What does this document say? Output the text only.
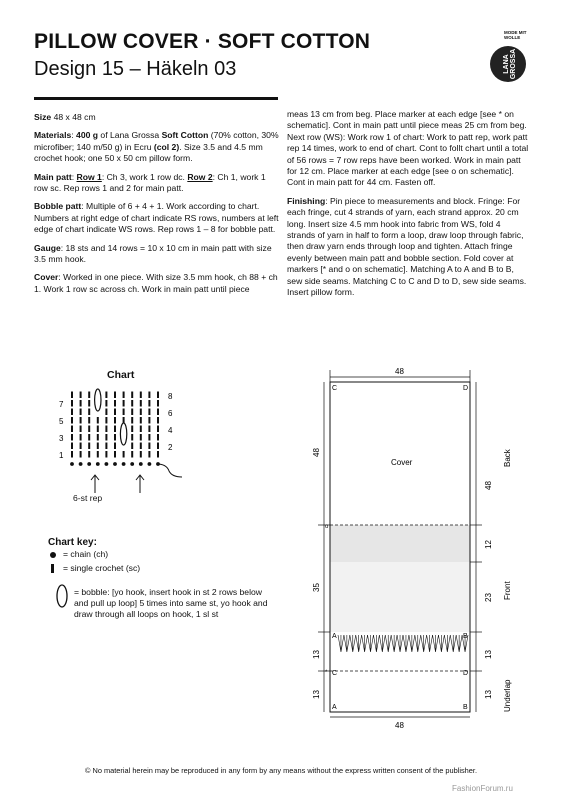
PILLOW COVER · SOFT COTTON
Design 15 – Häkeln 03
MODE MIT WOLLE
LANA GROSSA

Size 48 x 48 cm

Materials: 400 g of Lana Grossa Soft Cotton (70% cotton, 30% microfiber; 140 m/50 g) in Ecru (col 2). Size 3.5 and 4.5 mm crochet hook; one 50 x 50 cm pillow form.

Main patt: Row 1: Ch 3, work 1 row dc. Row 2: Ch 1, work 1 row sc. Rep rows 1 and 2 for main patt.

Bobble patt: Multiple of 6 + 4 + 1. Work according to chart. Numbers at right edge of chart indicate RS rows, numbers at left edge of chart indicate WS rows. Rep rows 1 – 8 for bobble patt.

Gauge: 18 sts and 14 rows = 10 x 10 cm in main patt with size 3.5 mm hook.

Cover: Worked in one piece. With size 3.5 mm hook, ch 88 + ch 1. Work 1 row sc across ch. Work in main patt until piece

meas 13 cm from beg. Place marker at each edge [see * on schematic]. Cont in main patt until piece meas 25 cm from beg. Next row (WS): Work row 1 of chart: Work to patt rep, work patt rep 14 times, work to end of chart. Cont to follt chart until a total of 56 rows = 7 row reps have been worked. Work in main patt for 12 cm. Place marker at each edge [see o on schematic]. Cont in main patt for 44 cm. Fasten off.

Finishing: Pin piece to measurements and block. Fringe: For each fringe, cut 4 strands of yarn, each strand approx. 20 cm long. Insert size 4.5 mm hook into fabric from WS, fold 4 strands of yarn in half to form a loop, draw loop through fabric, then draw yarn ends through loop and tighten. Attach fringe evenly between main patt and bobble section. Fold cover at markers [* and o on schematic]. Matching A to A and B to B, sew side seams. Matching C to C and D to D, sew side seams. Insert pillow form.

Chart
7
5
3
1
8
6
4
2
6-st rep
Chart key:
= chain (ch)
= single crochet (sc)
= bobble: [yo hook, insert hook in st 2 rows below and pull up loop] 5 times into same st, yo hook and draw through all loops on hook, 1 sl st
48
48
48
35
13
13
48
12
23
13
13
Back
Front
Underlap
Cover
C	D
A	B
C	D
A	B
o
*
© No material herein may be reproduced in any form by any means without the express written consent of the publisher.
FashionForum.ru
